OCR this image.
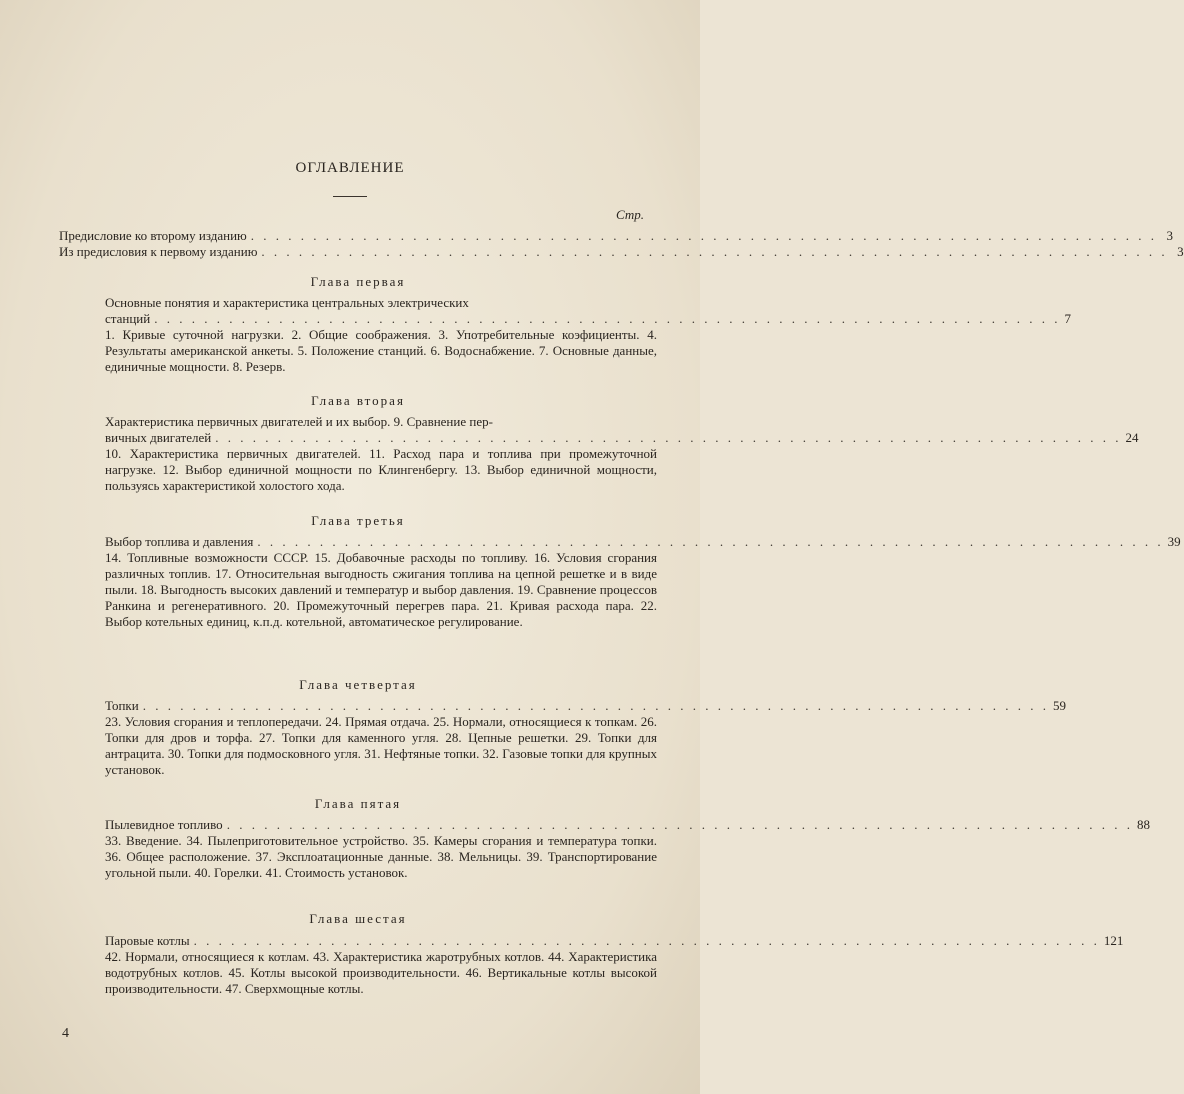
ОГЛАВЛЕНИЕ
Стр.
Предисловие ко второму изданию . . . . . . . . . . . . . . . . . . . . . . . . . . . . . . . . . . . . . . . . . . . . . . . . . . . . . . . . . . . . . . . . . . . . . . . . . 3
Из предисловия к первому изданию . . . . . . . . . . . . . . . . . . . . . . . . . . . . . . . . . . . . . . . . . . . . . . . . . . . . . . . . . . . . . . . . . . . . . . . . . 3
Глава первая
Основные понятия и характеристика центральных электрических
станций . . . . . . . . . . . . . . . . . . . . . . . . . . . . . . . . . . . . . . . . . . . . . . . . . . . . . . . . . . . . . . . . . . . . . . . . . 7
1. Кривые суточной нагрузки. 2. Общие соображения. 3. Употребительные коэфициенты. 4. Результаты американской анкеты. 5. Положение станций. 6. Водоснабжение. 7. Основные данные, единичные мощности. 8. Резерв.
Глава вторая
Характеристика первичных двигателей и их выбор. 9. Сравнение пер-
вичных двигателей . . . . . . . . . . . . . . . . . . . . . . . . . . . . . . . . . . . . . . . . . . . . . . . . . . . . . . . . . . . . . . . . . . . . . . . . . 24
10. Характеристика первичных двигателей. 11. Расход пара и топлива при промежуточной нагрузке. 12. Выбор единичной мощности по Клингенбергу. 13. Выбор единичной мощности, пользуясь характеристикой холостого хода.
Глава третья
Выбор топлива и давления . . . . . . . . . . . . . . . . . . . . . . . . . . . . . . . . . . . . . . . . . . . . . . . . . . . . . . . . . . . . . . . . . . . . . . . . . 39
14. Топливные возможности СССР. 15. Добавочные расходы по топливу. 16. Условия сгорания различных топлив. 17. Относительная выгодность сжигания топлива на цепной решетке и в виде пыли. 18. Выгодность высоких давлений и температур и выбор давления. 19. Сравнение процессов Ранкина и регенеративного. 20. Промежуточный перегрев пара. 21. Кривая расхода пара. 22. Выбор котельных единиц, к.п.д. котельной, автоматическое регулирование.
Глава четвертая
Топки . . . . . . . . . . . . . . . . . . . . . . . . . . . . . . . . . . . . . . . . . . . . . . . . . . . . . . . . . . . . . . . . . . . . . . . . . 59
23. Условия сгорания и теплопередачи. 24. Прямая отдача. 25. Нормали, относящиеся к топкам. 26. Топки для дров и торфа. 27. Топки для каменного угля. 28. Цепные решетки. 29. Топки для антрацита. 30. Топки для подмосковного угля. 31. Нефтяные топки. 32. Газовые топки для крупных установок.
Глава пятая
Пылевидное топливо . . . . . . . . . . . . . . . . . . . . . . . . . . . . . . . . . . . . . . . . . . . . . . . . . . . . . . . . . . . . . . . . . . . . . . . . . 88
33. Введение. 34. Пылеприготовительное устройство. 35. Камеры сгорания и температура топки. 36. Общее расположение. 37. Эксплоатационные данные. 38. Мельницы. 39. Транспортирование угольной пыли. 40. Горелки. 41. Стоимость установок.
Глава шестая
Паровые котлы . . . . . . . . . . . . . . . . . . . . . . . . . . . . . . . . . . . . . . . . . . . . . . . . . . . . . . . . . . . . . . . . . . . . . . . . . 121
42. Нормали, относящиеся к котлам. 43. Характеристика жаротрубных котлов. 44. Характеристика водотрубных котлов. 45. Котлы высокой производительности. 46. Вертикальные котлы высокой производительности. 47. Сверхмощные котлы.
4
